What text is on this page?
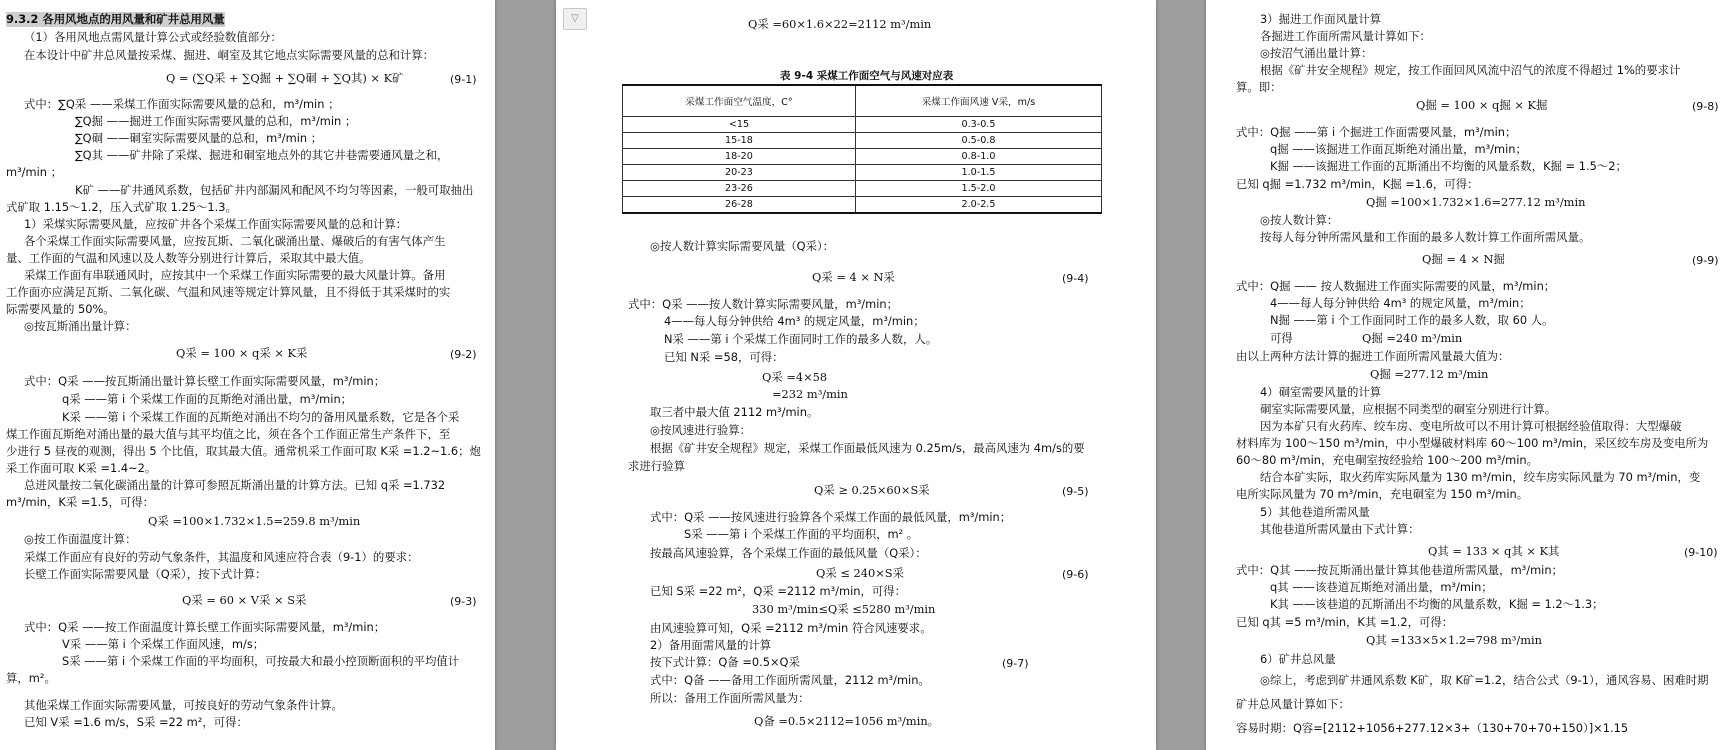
9.3.2 各用风地点的用风量和矿井总用风量
（1）各用风地点需风量计算公式或经验数值部分：
在本设计中矿井总风量按采煤、掘进、峒室及其它地点实际需要风量的总和计算：
Q = (∑Q采 + ∑Q掘 + ∑Q硐 + ∑Q其) × K矿	(9-1)
式中：∑Q采 ——采煤工作面实际需要风量的总和，m³/min ；
∑Q掘 ——掘进工作面实际需要风量的总和，m³/min ；
∑Q硐 ——硐室实际需要风量的总和，m³/min ；
∑Q其 ——矿井除了采煤、掘进和硐室地点外的其它井巷需要通风量之和，
m³/min ；
K矿 ——矿井通风系数，包括矿井内部漏风和配风不均匀等因素，一般可取抽出
式矿取 1.15～1.2，压入式矿取 1.25～1.3。
1）采煤实际需要风量，应按矿井各个采煤工作面实际需要风量的总和计算：
各个采煤工作面实际需要风量，应按瓦斯、二氧化碳涌出量、爆破后的有害气体产生
量、工作面的气温和风速以及人数等分别进行计算后，采取其中最大值。
采煤工作面有串联通风时，应按其中一个采煤工作面实际需要的最大风量计算。备用
工作面亦应满足瓦斯、二氧化碳、气温和风速等规定计算风量，且不得低于其采煤时的实
际需要风量的 50%。
◎按瓦斯涌出量计算：
Q采 = 100 × q采 × K采	(9-2)
式中：Q采 ——按瓦斯涌出量计算长壁工作面实际需要风量，m³/min；
q采 ——第 i 个采煤工作面的瓦斯绝对涌出量，m³/min；
K采 ——第 i 个采煤工作面的瓦斯绝对涌出不均匀的备用风量系数，它是各个采
煤工作面瓦斯绝对涌出量的最大值与其平均值之比，须在各个工作面正常生产条件下，至
少进行 5 昼夜的观测，得出 5 个比值，取其最大值。通常机采工作面可取 K采 =1.2~1.6；炮
采工作面可取 K采 =1.4~2。
总进风量按二氧化碳涌出量的计算可参照瓦斯涌出量的计算方法。已知 q采 =1.732
m³/min，K采 =1.5，可得：
Q采 =100×1.732×1.5=259.8 m³/min
◎按工作面温度计算：
采煤工作面应有良好的劳动气象条件，其温度和风速应符合表（9-1）的要求：
长壁工作面实际需要风量（Q采），按下式计算：
Q采 = 60 × V采 × S采	(9-3)
式中：Q采 ——按工作面温度计算长壁工作面实际需要风量，m³/min；
V采 ——第 i 个采煤工作面风速，m/s；
S采 ——第 i 个采煤工作面的平均面积，可按最大和最小控顶断面积的平均值计
算，m²。
其他采煤工作面实际需要风量，可按良好的劳动气象条件计算。
已知 V采 =1.6 m/s，S采 =22 m²，可得：
▽	Q采 =60×1.6×22=2112 m³/min
表 9-4 采煤工作面空气与风速对应表
采煤工作面空气温度，C°	采煤工作面风速 V采，m/s
<15	0.3-0.5
15-18	0.5-0.8
18-20	0.8-1.0
20-23	1.0-1.5
23-26	1.5-2.0
26-28	2.0-2.5
◎按人数计算实际需要风量（Q采）：
Q采 = 4 × N采	(9-4)
式中：Q采 ——按人数计算实际需要风量，m³/min；
4——每人每分钟供给 4m³ 的规定风量，m³/min；
N采 ——第 i 个采煤工作面同时工作的最多人数，人。
已知 N采 =58，可得：
Q采 =4×58
=232 m³/min
取三者中最大值 2112 m³/min。
◎按风速进行验算：
根据《矿井安全规程》规定，采煤工作面最低风速为 0.25m/s，最高风速为 4m/s的要
求进行验算
Q采 ≥ 0.25×60×S采	(9-5)
式中：Q采 ——按风速进行验算各个采煤工作面的最低风量，m³/min；
S采 ——第 i 个采煤工作面的平均面积，m² 。
按最高风速验算，各个采煤工作面的最低风量（Q采）：
Q采 ≤ 240×S采	(9-6)
已知 S采 =22 m²，Q采 =2112 m³/min，可得：
330 m³/min≤Q采 ≤5280 m³/min
由风速验算可知，Q采 =2112 m³/min 符合风速要求。
2）备用面需风量的计算
按下式计算：Q备 =0.5×Q采	(9-7)
式中：Q备 ——备用工作面所需风量，2112 m³/min。
所以：备用工作面所需风量为：
Q备 =0.5×2112=1056 m³/min。
3）掘进工作面风量计算
各掘进工作面所需风量计算如下：
◎按沼气涌出量计算：
根据《矿井安全规程》规定，按工作面回风风流中沼气的浓度不得超过 1%的要求计
算。即：
Q掘 = 100 × q掘 × K掘	(9-8)
式中：Q掘 ——第 i 个掘进工作面需要风量，m³/min；
q掘 ——该掘进工作面瓦斯绝对涌出量，m³/min；
K掘 ——该掘进工作面的瓦斯涌出不均衡的风量系数，K掘 = 1.5～2；
已知 q掘 =1.732 m³/min，K掘 =1.6，可得：
Q掘 =100×1.732×1.6=277.12 m³/min
◎按人数计算：
按每人每分钟所需风量和工作面的最多人数计算工作面所需风量。
Q掘 = 4 × N掘	(9-9)
式中：Q掘 —— 按人数掘进工作面实际需要的风量，m³/min；
4——每人每分钟供给 4m³ 的规定风量，m³/min；
N掘 ——第 i 个工作面同时工作的最多人数，取 60 人。
可得	Q掘 =240 m³/min
由以上两种方法计算的掘进工作面所需风量最大值为：
Q掘 =277.12 m³/min
4）硐室需要风量的计算
硐室实际需要风量，应根据不同类型的硐室分别进行计算。
因为本矿只有火药库、绞车房、变电所故可以不用计算可根据经验值取得：大型爆破
材料库为 100～150 m³/min，中小型爆破材料库 60～100 m³/min，采区绞车房及变电所为
60～80 m³/min，充电硐室按经验给 100～200 m³/min。
结合本矿实际，取火药库实际风量为 130 m³/min，绞车房实际风量为 70 m³/min，变
电所实际风量为 70 m³/min，充电硐室为 150 m³/min。
5）其他巷道所需风量
其他巷道所需风量由下式计算：
Q其 = 133 × q其 × K其	(9-10)
式中：Q其 ——按瓦斯涌出量计算其他巷道所需风量，m³/min；
q其 ——该巷道瓦斯绝对涌出量，m³/min；
K其 ——该巷道的瓦斯涌出不均衡的风量系数，K掘 = 1.2～1.3；
已知 q其 =5 m³/min，K其 =1.2，可得：
Q其 =133×5×1.2=798 m³/min
6）矿井总风量
◎综上，考虑到矿井通风系数 K矿，取 K矿=1.2，结合公式（9-1），通风容易、困难时期
矿井总风量计算如下：
容易时期：Q容=[2112+1056+277.12×3+（130+70+70+150）]×1.15
